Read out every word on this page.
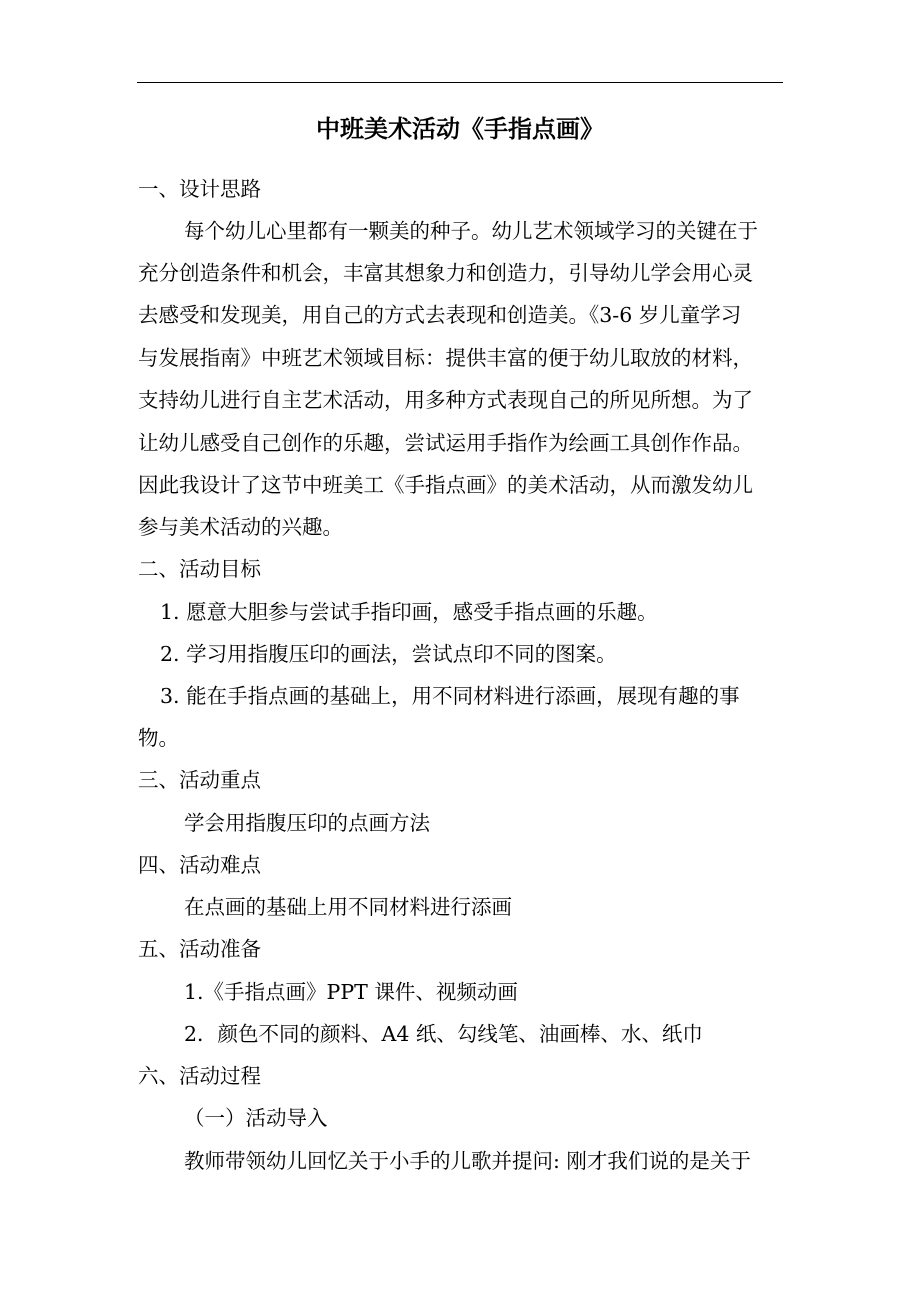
中班美术活动《手指点画》
一、设计思路
每个幼儿心里都有一颗美的种子。幼儿艺术领域学习的关键在于
充分创造条件和机会，丰富其想象力和创造力，引导幼儿学会用心灵
去感受和发现美，用自己的方式去表现和创造美。《3-6 岁儿童学习
与发展指南》中班艺术领域目标：提供丰富的便于幼儿取放的材料，
支持幼儿进行自主艺术活动，用多种方式表现自己的所见所想。为了
让幼儿感受自己创作的乐趣，尝试运用手指作为绘画工具创作作品。
因此我设计了这节中班美工《手指点画》的美术活动，从而激发幼儿
参与美术活动的兴趣。
二、活动目标
1. 愿意大胆参与尝试手指印画，感受手指点画的乐趣。
2. 学习用指腹压印的画法，尝试点印不同的图案。
3. 能在手指点画的基础上，用不同材料进行添画，展现有趣的事
物。
三、活动重点
学会用指腹压印的点画方法
四、活动难点
在点画的基础上用不同材料进行添画
五、活动准备
1.《手指点画》PPT 课件、视频动画
2．颜色不同的颜料、A4 纸、勾线笔、油画棒、水、纸巾
六、活动过程
（一）活动导入
教师带领幼儿回忆关于小手的儿歌并提问: 刚才我们说的是关于
